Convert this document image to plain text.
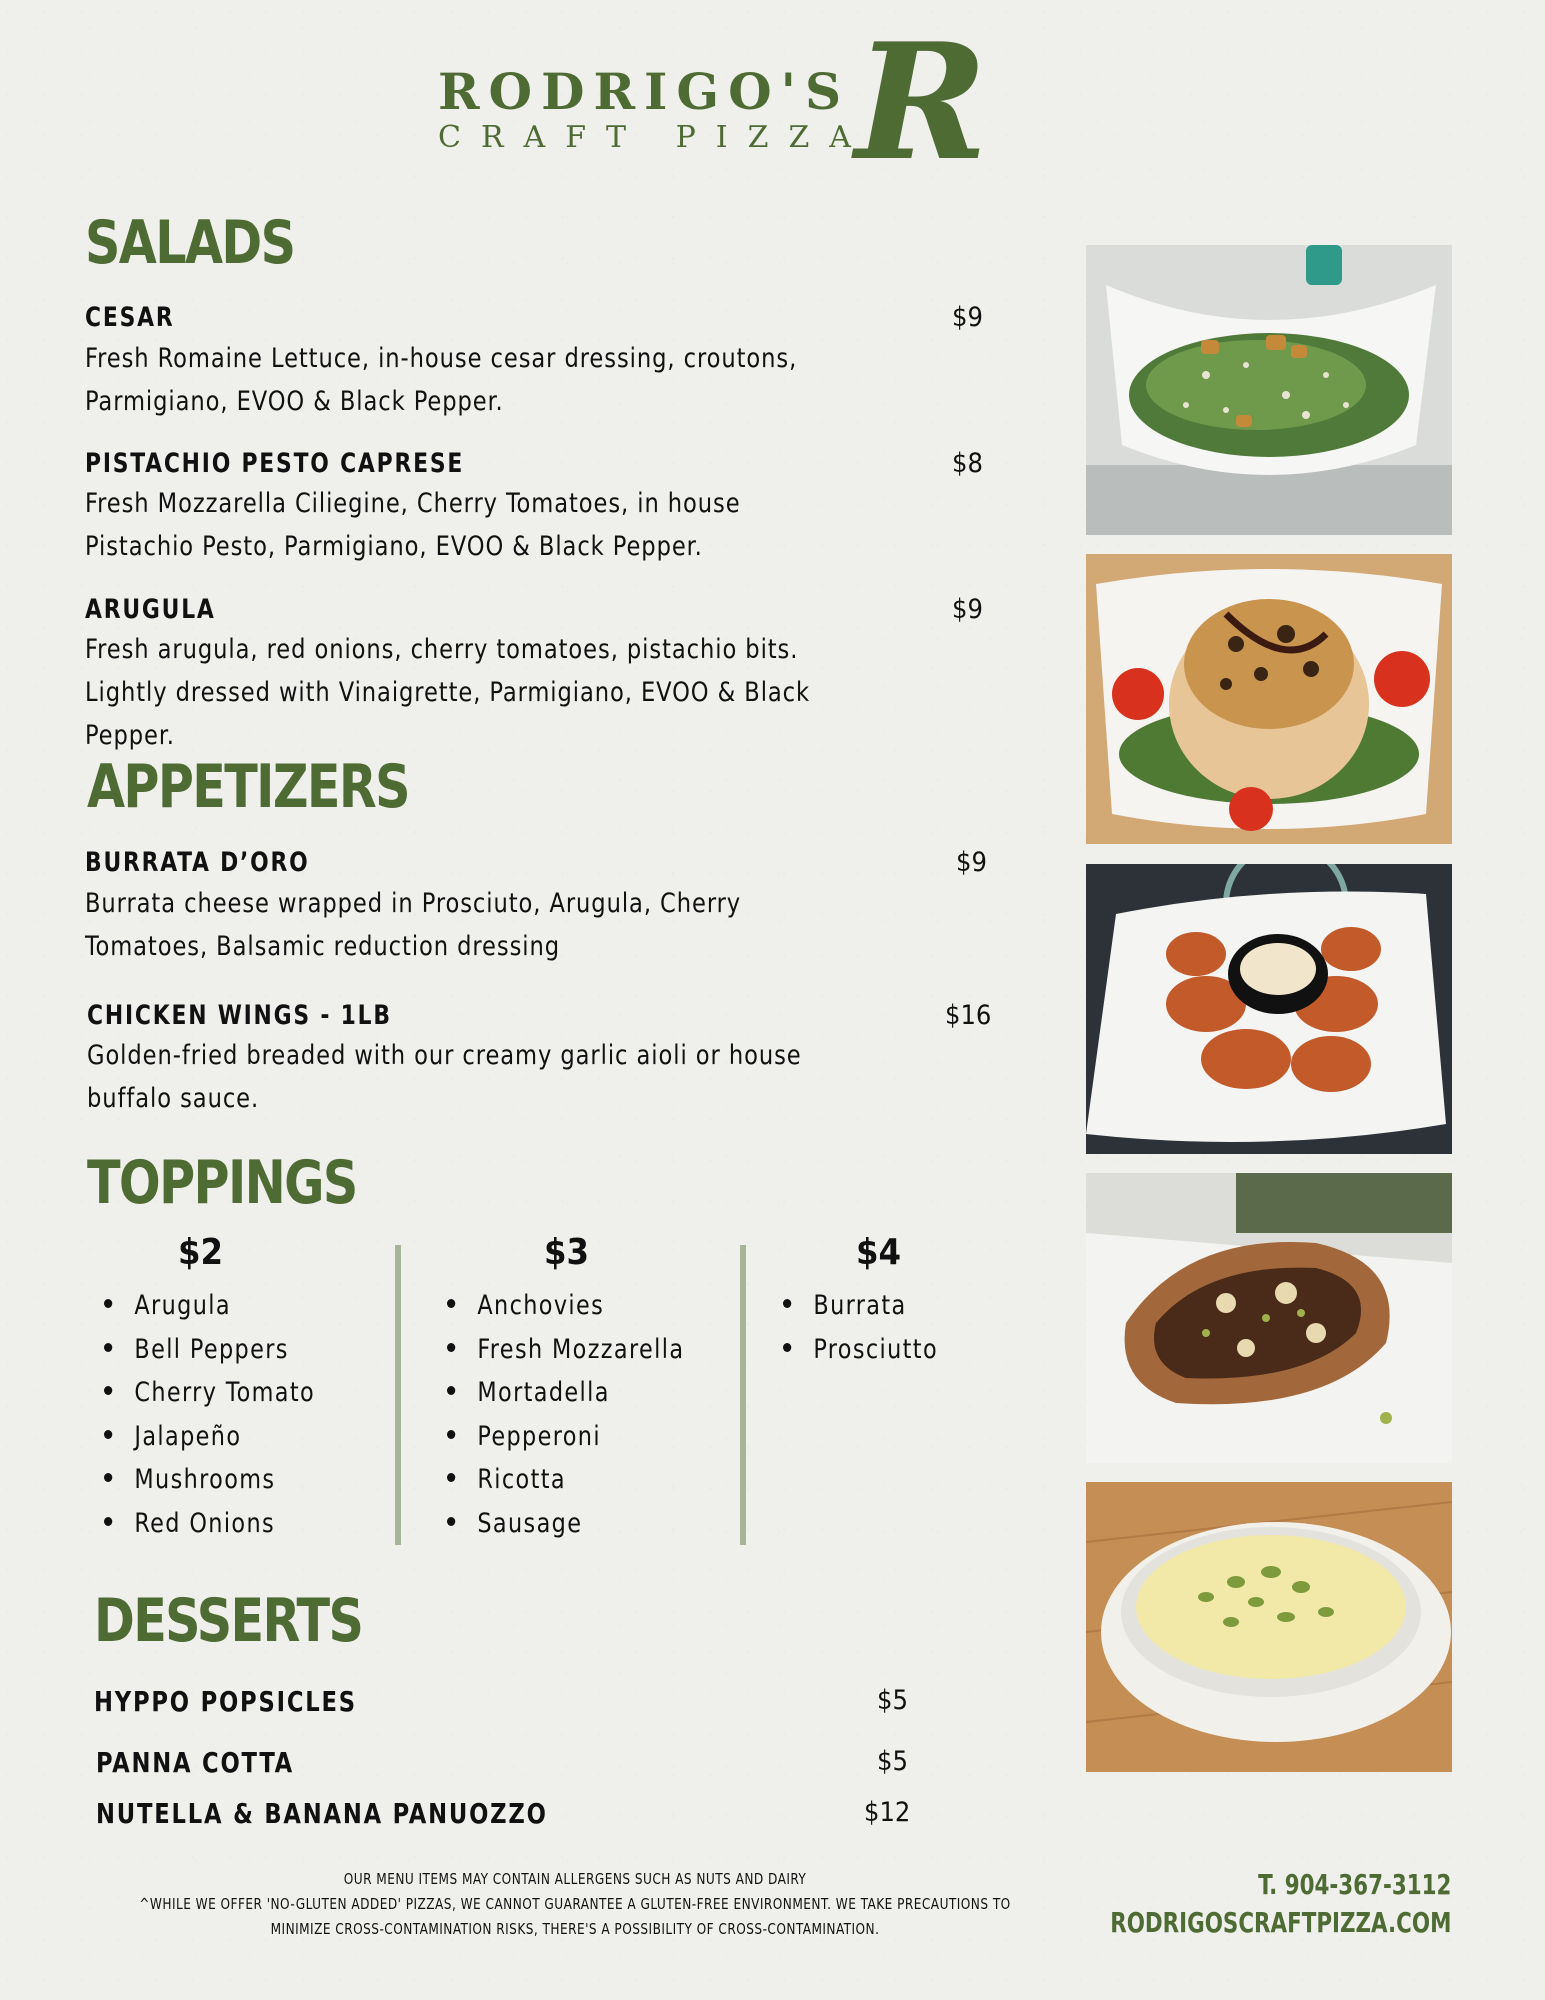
RODRIGO'S
CRAFT PIZZA
R
SALADS
CESAR	$9
Fresh Romaine Lettuce, in-house cesar dressing, croutons, Parmigiano, EVOO & Black Pepper.
PISTACHIO PESTO CAPRESE	$8
Fresh Mozzarella Ciliegine, Cherry Tomatoes, in house Pistachio Pesto, Parmigiano, EVOO & Black Pepper.
ARUGULA	$9
Fresh arugula, red onions, cherry tomatoes, pistachio bits. Lightly dressed with Vinaigrette, Parmigiano, EVOO & Black Pepper.
APPETIZERS
BURRATA D’ORO	$9
Burrata cheese wrapped in Prosciuto, Arugula, Cherry Tomatoes, Balsamic reduction dressing
CHICKEN WINGS - 1LB	$16
Golden-fried breaded with our creamy garlic aioli or house buffalo sauce.
TOPPINGS
$2
Arugula
Bell Peppers
Cherry Tomato
Jalapeño
Mushrooms
Red Onions
$3
Anchovies
Fresh Mozzarella
Mortadella
Pepperoni
Ricotta
Sausage
$4
Burrata
Prosciutto
DESSERTS
HYPPO POPSICLES	$5
PANNA COTTA	$5
NUTELLA & BANANA PANUOZZO	$12
OUR MENU ITEMS MAY CONTAIN ALLERGENS SUCH AS NUTS AND DAIRY
^WHILE WE OFFER 'NO-GLUTEN ADDED' PIZZAS, WE CANNOT GUARANTEE A GLUTEN-FREE ENVIRONMENT. WE TAKE PRECAUTIONS TO MINIMIZE CROSS-CONTAMINATION RISKS, THERE'S A POSSIBILITY OF CROSS-CONTAMINATION.
T. 904-367-3112
RODRIGOSCRAFTPIZZA.COM
